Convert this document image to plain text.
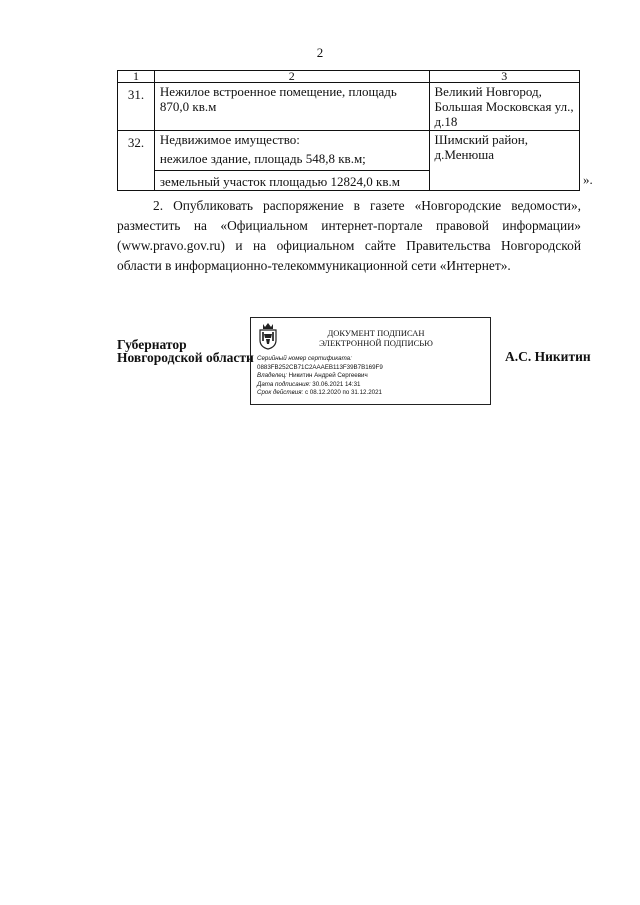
2
1	2	3
31.	Нежилое встроенное помещение, площадь 870,0 кв.м	Великий Новгород,
Большая Московская ул.,
д.18

32.	Недвижимое имущество:
нежилое здание, площадь 548,8 кв.м;
земельный участок площадью 12824,0 кв.м	Шимский район,
д.Менюша
».
2. Опубликовать распоряжение в газете «Новгородские ведомости», разместить на «Официальном интернет-портале правовой информации» (www.pravo.gov.ru) и на официальном сайте Правительства Новгородской области в информационно-телекоммуникационной сети «Интернет».
Губернатор
Новгородской области
ДОКУМЕНТ ПОДПИСАН
ЭЛЕКТРОННОЙ ПОДПИСЬЮ
Серийный номер сертификата:
0883FB252CB71C2AAAEB113F39B7B169F9
Владелец: Никитин Андрей Сергеевич
Дата подписания: 30.06.2021 14:31
Срок действия: с 08.12.2020 по 31.12.2021
А.С. Никитин
